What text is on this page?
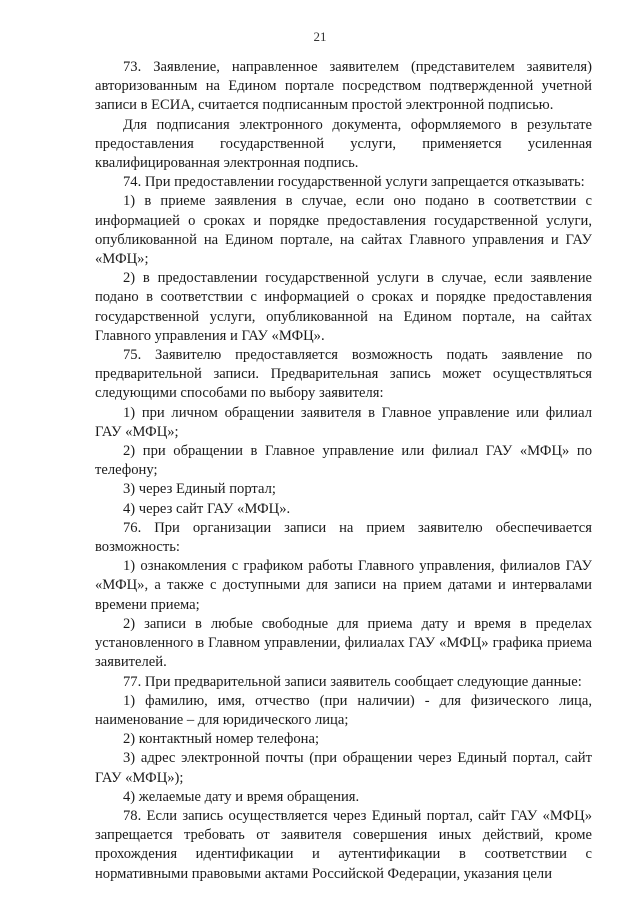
21

73. Заявление, направленное заявителем (представителем заявителя) авторизованным на Едином портале посредством подтвержденной учетной записи в ЕСИА, считается подписанным простой электронной подписью.

Для подписания электронного документа, оформляемого в результате предоставления государственной услуги, применяется усиленная квалифицированная электронная подпись.

74. При предоставлении государственной услуги запрещается отказывать:

1) в приеме заявления в случае, если оно подано в соответствии с информацией о сроках и порядке предоставления государственной услуги, опубликованной на Едином портале, на сайтах Главного управления и ГАУ «МФЦ»;

2) в предоставлении государственной услуги в случае, если заявление подано в соответствии с информацией о сроках и порядке предоставления государственной услуги, опубликованной на Едином портале, на сайтах Главного управления и ГАУ «МФЦ».

75. Заявителю предоставляется возможность подать заявление по предварительной записи. Предварительная запись может осуществляться следующими способами по выбору заявителя:

1) при личном обращении заявителя в Главное управление или филиал ГАУ «МФЦ»;

2) при обращении в Главное управление или филиал ГАУ «МФЦ» по телефону;

3) через Единый портал;

4) через сайт ГАУ «МФЦ».

76. При организации записи на прием заявителю обеспечивается возможность:

1) ознакомления с графиком работы Главного управления, филиалов ГАУ «МФЦ», а также с доступными для записи на прием датами и интервалами времени приема;

2) записи в любые свободные для приема дату и время в пределах установленного в Главном управлении, филиалах ГАУ «МФЦ» графика приема заявителей.

77. При предварительной записи заявитель сообщает следующие данные:

1) фамилию, имя, отчество (при наличии) - для физического лица, наименование – для юридического лица;

2) контактный номер телефона;

3) адрес электронной почты (при обращении через Единый портал, сайт ГАУ «МФЦ»);

4) желаемые дату и время обращения.

78. Если запись осуществляется через Единый портал, сайт ГАУ «МФЦ» запрещается требовать от заявителя совершения иных действий, кроме прохождения идентификации и аутентификации в соответствии с нормативными правовыми актами Российской Федерации, указания цели
